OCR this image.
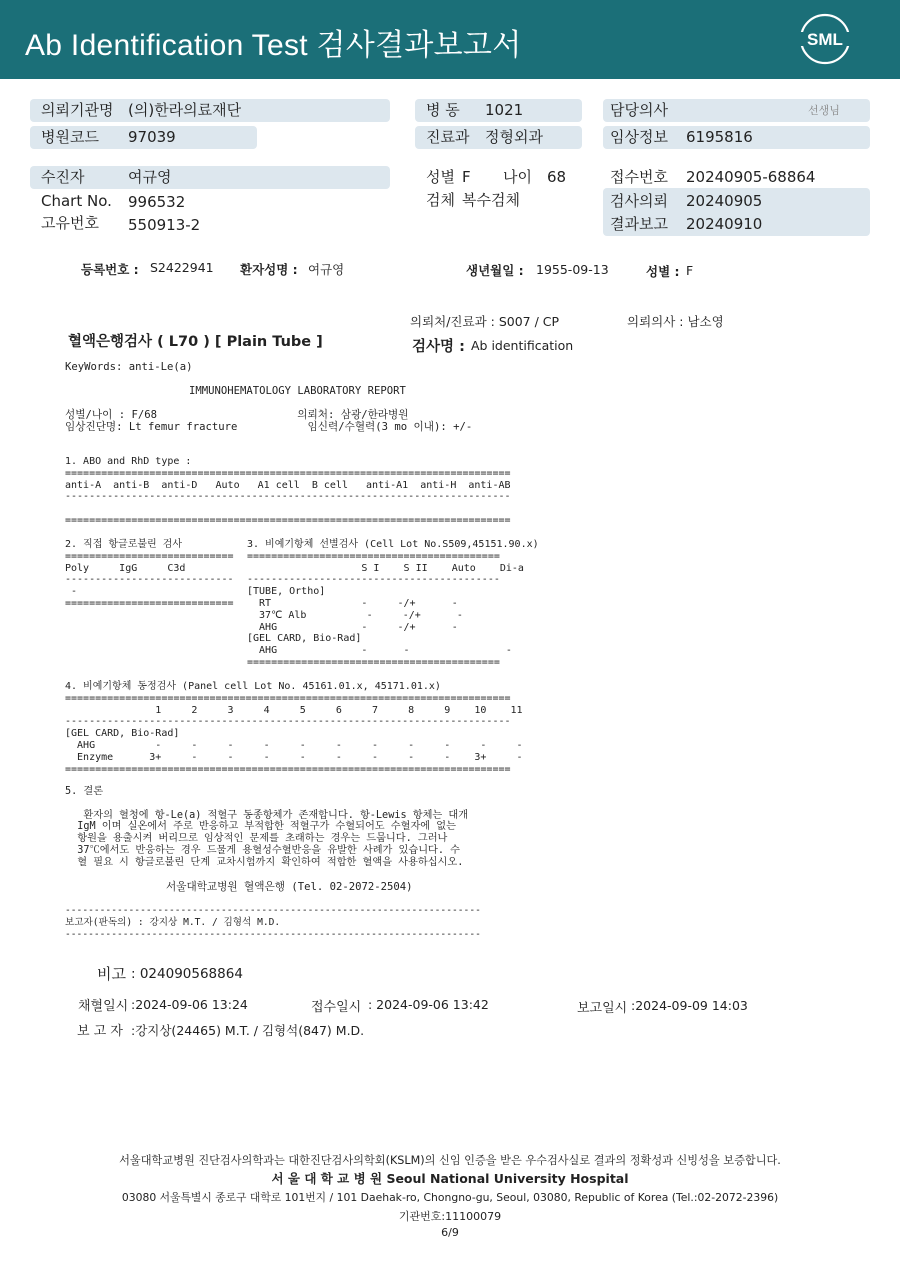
Ab Identification Test 검사결과보고서	SML
의뢰기관명 (의)한라의료재단
병원코드 97039
병 동 1021
진료과 정형외과
담당의사	선생님
임상정보 6195816
수진자	여규영
Chart No. 996532
고유번호 550913-2
성별 F 나이 68
검체 복수검체
접수번호 20240905-68864
검사의뢰 20240905
결과보고 20240910
등록번호 : S2422941 환자성명 : 여규영	생년월일 : 1955-09-13	성별 : F
의뢰처/진료과 : S007 / CP	의뢰의사 : 남소영
혈액은행검사 ( L70 ) [ Plain Tube ]	검사명 : Ab identification
KeyWords: anti-Le(a)
IMMUNOHEMATOLOGY LABORATORY REPORT
성별/나이 : F/68                      의뢰처: 삼광/한라병원
임상진단명: Lt femur fracture           임신력/수혈력(3 mo 이내): +/-
1. ABO and RhD type :
==========================================================================
anti-A  anti-B  anti-D   Auto   A1 cell  B cell   anti-A1  anti-H  anti-AB
--------------------------------------------------------------------------

==========================================================================
2. 직접 항글로불린 검사
============================
Poly     IgG     C3d
----------------------------
-
============================
3. 비예기항체 선별검사 (Cell Lot No.S509,45151.90.x)
==========================================
S I    S II    Auto    Di-a
------------------------------------------
[TUBE, Ortho]
RT               -     -/+      -
37℃ Alb          -     -/+      -
AHG              -     -/+      -
[GEL CARD, Bio-Rad]
AHG              -      -                -
==========================================
4. 비예기항체 동정검사 (Panel cell Lot No. 45161.01.x, 45171.01.x)
==========================================================================
1     2     3     4     5     6     7     8     9    10    11
--------------------------------------------------------------------------
[GEL CARD, Bio-Rad]
AHG          -     -     -     -     -     -     -     -     -     -     -
Enzyme      3+     -     -     -     -     -     -     -     -    3+     -
==========================================================================
5. 결론

환자의 혈청에 항-Le(a) 적혈구 동종항체가 존재합니다. 항-Lewis 항체는 대개
IgM 이며 실온에서 주로 반응하고 부적합한 적혈구가 수혈되어도 수혈자에 없는
항원을 용출시켜 버리므로 임상적인 문제를 초래하는 경우는 드뭅니다. 그러나
37℃에서도 반응하는 경우 드물게 용혈성수혈반응을 유발한 사례가 있습니다. 수
혈 필요 시 항글로불린 단계 교차시험까지 확인하여 적합한 혈액을 사용하십시오.
서울대학교병원 혈액은행 (Tel. 02-2072-2504)
------------------------------------------------------------------------
보고자(판독의) : 강지상 M.T. / 김형석 M.D.
------------------------------------------------------------------------
비고 : 024090568864
채혈일시 :2024-09-06 13:24	접수일시 : 2024-09-06 13:42	보고일시 :2024-09-09 14:03
보 고 자 :강지상(24465) M.T. / 김형석(847) M.D.
서울대학교병원 진단검사의학과는 대한진단검사의학회(KSLM)의 신임 인증을 받은 우수검사실로 결과의 정확성과 신빙성을 보증합니다.
서 울 대 학 교 병 원 Seoul National University Hospital
03080 서울특별시 종로구 대학로 101번지 / 101 Daehak-ro, Chongno-gu, Seoul, 03080, Republic of Korea (Tel.:02-2072-2396)
기관번호:11100079
6/9
